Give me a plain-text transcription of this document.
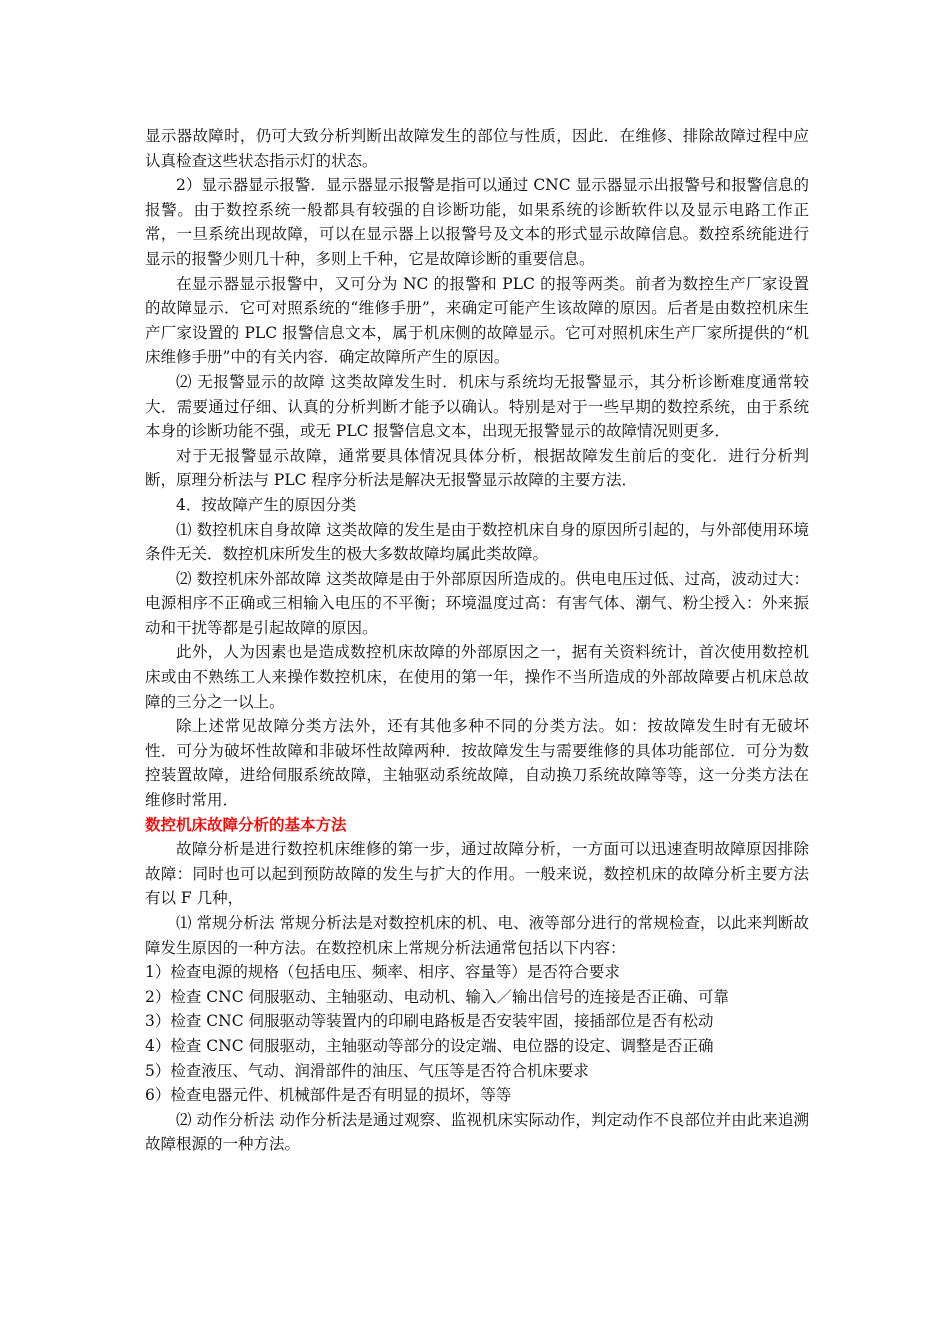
显示器故障时，仍可大致分析判断出故障发生的部位与性质，因此．在维修、排除故障过程中应认真检查这些状态指示灯的状态。

2）显示器显示报警．显示器显示报警是指可以通过 CNC 显示器显示出报警号和报警信息的报警。由于数控系统一般都具有较强的自诊断功能，如果系统的诊断软件以及显示电路工作正常，一旦系统出现故障，可以在显示器上以报警号及文本的形式显示故障信息。数控系统能进行显示的报警少则几十种，多则上千种，它是故障诊断的重要信息。

在显示器显示报警中，又可分为 NC 的报警和 PLC 的报等两类。前者为数控生产厂家设置的故障显示．它可对照系统的“维修手册”，来确定可能产生该故障的原因。后者是由数控机床生产厂家设置的 PLC 报警信息文本，属于机床侧的故障显示。它可对照机床生产厂家所提供的“机床维修手册”中的有关内容．确定故障所产生的原因。

⑵ 无报警显示的故障 这类故障发生时．机床与系统均无报警显示，其分析诊断难度通常较大．需要通过仔细、认真的分析判断才能予以确认。特别是对于一些早期的数控系统，由于系统本身的诊断功能不强，或无 PLC 报警信息文本，出现无报警显示的故障情况则更多．

对于无报警显示故障，通常要具体情况具体分析，根据故障发生前后的变化．进行分析判断，原理分析法与 PLC 程序分析法是解决无报警显示故障的主要方法．

4．按故障产生的原因分类

⑴ 数控机床自身故障 这类故障的发生是由于数控机床自身的原因所引起的，与外部使用环境条件无关．数控机床所发生的极大多数故障均属此类故障。

⑵ 数控机床外部故障 这类故障是由于外部原因所造成的。供电电压过低、过高，波动过大：电源相序不正确或三相输入电压的不平衡；环境温度过高：有害气体、潮气、粉尘授入：外来振动和干扰等都是引起故障的原因。

此外，人为因素也是造成数控机床故障的外部原因之一，据有关资料统计，首次使用数控机床或由不熟练工人来操作数控机床，在使用的第一年，操作不当所造成的外部故障要占机床总故障的三分之一以上。

除上述常见故障分类方法外，还有其他多种不同的分类方法。如：按故障发生时有无破坏性．可分为破坏性故障和非破坏性故障两种．按故障发生与需要维修的具体功能部位．可分为数控装置故障，进给伺服系统故障，主轴驱动系统故障，自动换刀系统故障等等，这一分类方法在维修时常用．

数控机床故障分析的基本方法

故障分析是进行数控机床维修的第一步，通过故障分析，一方面可以迅速查明故障原因排除故障：同时也可以起到预防故障的发生与扩大的作用。一般来说，数控机床的故障分析主要方法有以 F 几种，

⑴ 常规分析法 常规分析法是对数控机床的机、电、液等部分进行的常规检查，以此来判断故障发生原因的一种方法。在数控机床上常规分析法通常包括以下内容：

1）检查电源的规格（包括电压、频率、相序、容量等）是否符合要求

2）检查 CNC 伺服驱动、主轴驱动、电动机、输入／输出信号的连接是否正确、可靠

3）检查 CNC 伺服驱动等装置内的印刷电路板是否安装牢固，接插部位是否有松动

4）检查 CNC 伺服驱动，主轴驱动等部分的设定端、电位器的设定、调整是否正确

5）检查液压、气动、润滑部件的油压、气压等是否符合机床要求

6）检查电器元件、机械部件是否有明显的损坏，等等

⑵ 动作分析法 动作分析法是通过观察、监视机床实际动作，判定动作不良部位并由此来追溯故障根源的一种方法。
